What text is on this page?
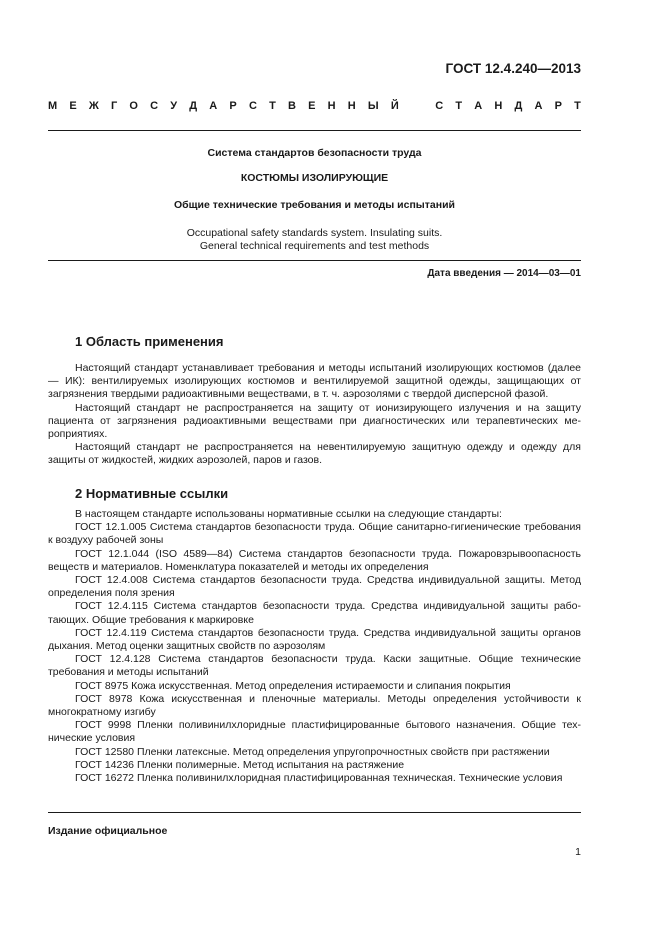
ГОСТ 12.4.240—2013
М Е Ж Г О С У Д А Р С Т В Е Н Н Ы Й	С Т А Н Д А Р Т
Система стандартов безопасности труда
КОСТЮМЫ ИЗОЛИРУЮЩИЕ
Общие технические требования и методы испытаний
Occupational safety standards system. Insulating suits.
General technical requirements and test methods
Дата введения — 2014—03—01
1 Область применения

Настоящий стандарт устанавливает требования и методы испытаний изолирующих костюмов (далее — ИК): вентилируемых изолирующих костюмов и вентилируемой защитной одежды, защищающих от загрязнения твердыми радиоактивными веществами, в т. ч. аэрозолями с твердой дисперсной фазой.

Настоящий стандарт не распространяется на защиту от ионизирующего излучения и на защиту пациента от загрязнения радиоактивными веществами при диагностических или терапевтических мероприятиях.

Настоящий стандарт не распространяется на невентилируемую защитную одежду и одежду для защиты от жидкостей, жидких аэрозолей, паров и газов.

2 Нормативные ссылки

В настоящем стандарте использованы нормативные ссылки на следующие стандарты:

ГОСТ 12.1.005 Система стандартов безопасности труда. Общие санитарно-гигиенические требования к воздуху рабочей зоны

ГОСТ 12.1.044 (ISO 4589—84) Система стандартов безопасности труда. Пожаровзрывоопасность веществ и материалов. Номенклатура показателей и методы их определения

ГОСТ 12.4.008 Система стандартов безопасности труда. Средства индивидуальной защиты. Метод определения поля зрения

ГОСТ 12.4.115 Система стандартов безопасности труда. Средства индивидуальной защиты работающих. Общие требования к маркировке

ГОСТ 12.4.119 Система стандартов безопасности труда. Средства индивидуальной защиты органов дыхания. Метод оценки защитных свойств по аэрозолям

ГОСТ 12.4.128 Система стандартов безопасности труда. Каски защитные. Общие технические требования и методы испытаний

ГОСТ 8975 Кожа искусственная. Метод определения истираемости и слипания покрытия

ГОСТ 8978 Кожа искусственная и пленочные материалы. Методы определения устойчивости к многократному изгибу

ГОСТ 9998 Пленки поливинилхлоридные пластифицированные бытового назначения. Общие технические условия

ГОСТ 12580 Пленки латексные. Метод определения упругопрочностных свойств при растяжении

ГОСТ 14236 Пленки полимерные. Метод испытания на растяжение

ГОСТ 16272 Пленка поливинилхлоридная пластифицированная техническая. Технические условия

Издание официальное
1
